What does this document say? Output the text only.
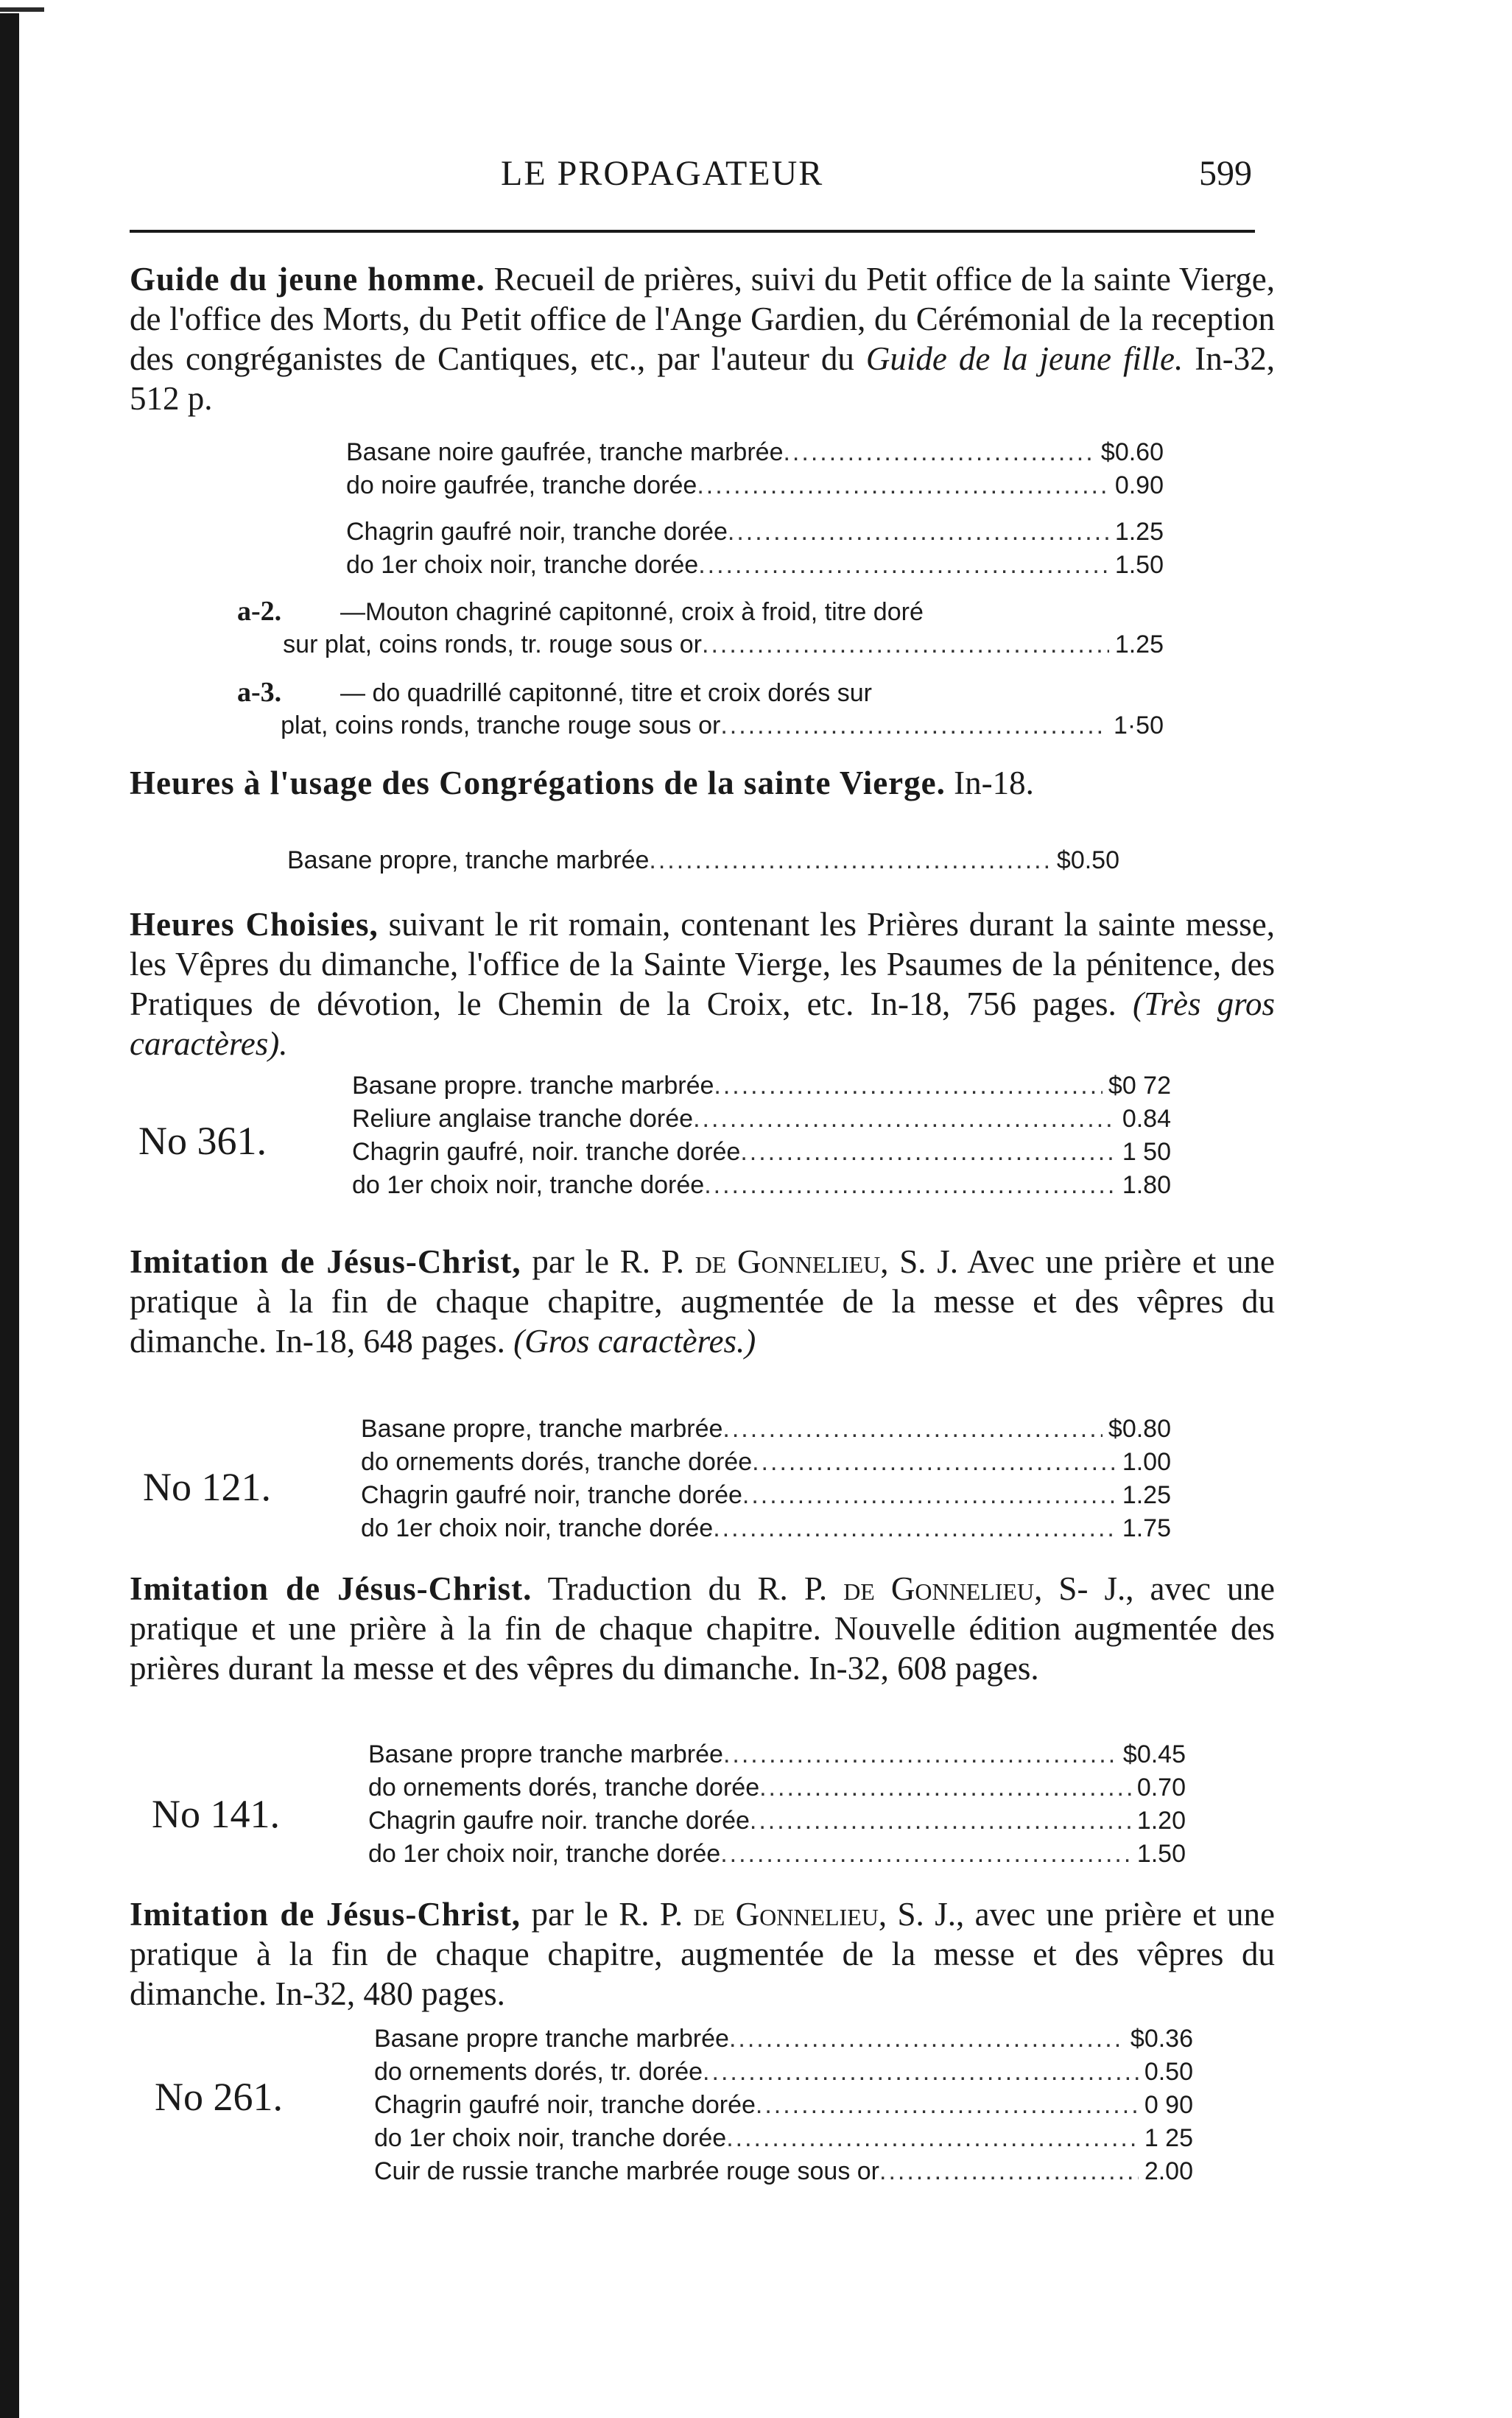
LE PROPAGATEUR	599
Guide du jeune homme. Recueil de prières, suivi du Petit office de la sainte Vierge, de l'office des Morts, du Petit office de l'Ange Gardien, du Cérémonial de la reception des congréganistes de Cantiques, etc., par l'auteur du Guide de la jeune fille. In-32, 512 p.
Basane noire gaufrée, tranche marbrée .....	$0.60
do noire gaufrée, tranche dorée .....	0.90
Chagrin gaufré noir, tranche dorée .....	1.25
do 1er choix noir, tranche dorée .....	1.50
a-2.	—Mouton chagriné capitonné, croix à froid, titre doré
sur plat, coins ronds, tr. rouge sous or .....	1.25
a-3.	— do quadrillé capitonné, titre et croix dorés sur
plat, coins ronds, tranche rouge sous or .....	1·50
Heures à l'usage des Congrégations de la sainte Vierge. In-18.
Basane propre, tranche marbrée .....	$0.50
Heures Choisies, suivant le rit romain, contenant les Prières durant la sainte messe, les Vêpres du dimanche, l'office de la Sainte Vierge, les Psaumes de la pénitence, des Pratiques de dévotion, le Chemin de la Croix, etc. In-18, 756 pages. (Très gros caractères).
No 361.
Basane propre. tranche marbrée .....	$0 72
Reliure anglaise tranche dorée .....	0.84
Chagrin gaufré, noir. tranche dorée .....	1 50
do 1er choix noir, tranche dorée .....	1.80
Imitation de Jésus-Christ, par le R. P. de Gonnelieu, S. J. Avec une prière et une pratique à la fin de chaque chapitre, augmentée de la messe et des vêpres du dimanche. In-18, 648 pages. (Gros caractères.)
No 121.
Basane propre, tranche marbrée .....	$0.80
do ornements dorés, tranche dorée .....	1.00
Chagrin gaufré noir, tranche dorée .....	1.25
do 1er choix noir, tranche dorée .....	1.75
Imitation de Jésus-Christ. Traduction du R. P. de Gonnelieu, S- J., avec une pratique et une prière à la fin de chaque chapitre. Nouvelle édition augmentée des prières durant la messe et des vêpres du dimanche. In-32, 608 pages.
No 141.
Basane propre tranche marbrée .....	$0.45
do ornements dorés, tranche dorée .....	0.70
Chagrin gaufre noir. tranche dorée .....	1.20
do 1er choix noir, tranche dorée .....	1.50
Imitation de Jésus-Christ, par le R. P. de Gonnelieu, S. J., avec une prière et une pratique à la fin de chaque chapitre, augmentée de la messe et des vêpres du dimanche. In-32, 480 pages.
No 261.
Basane propre tranche marbrée .....	$0.36
do ornements dorés, tr. dorée .....	0.50
Chagrin gaufré noir, tranche dorée .....	0 90
do 1er choix noir, tranche dorée .....	1 25
Cuir de russie tranche marbrée rouge sous or .....	2.00
